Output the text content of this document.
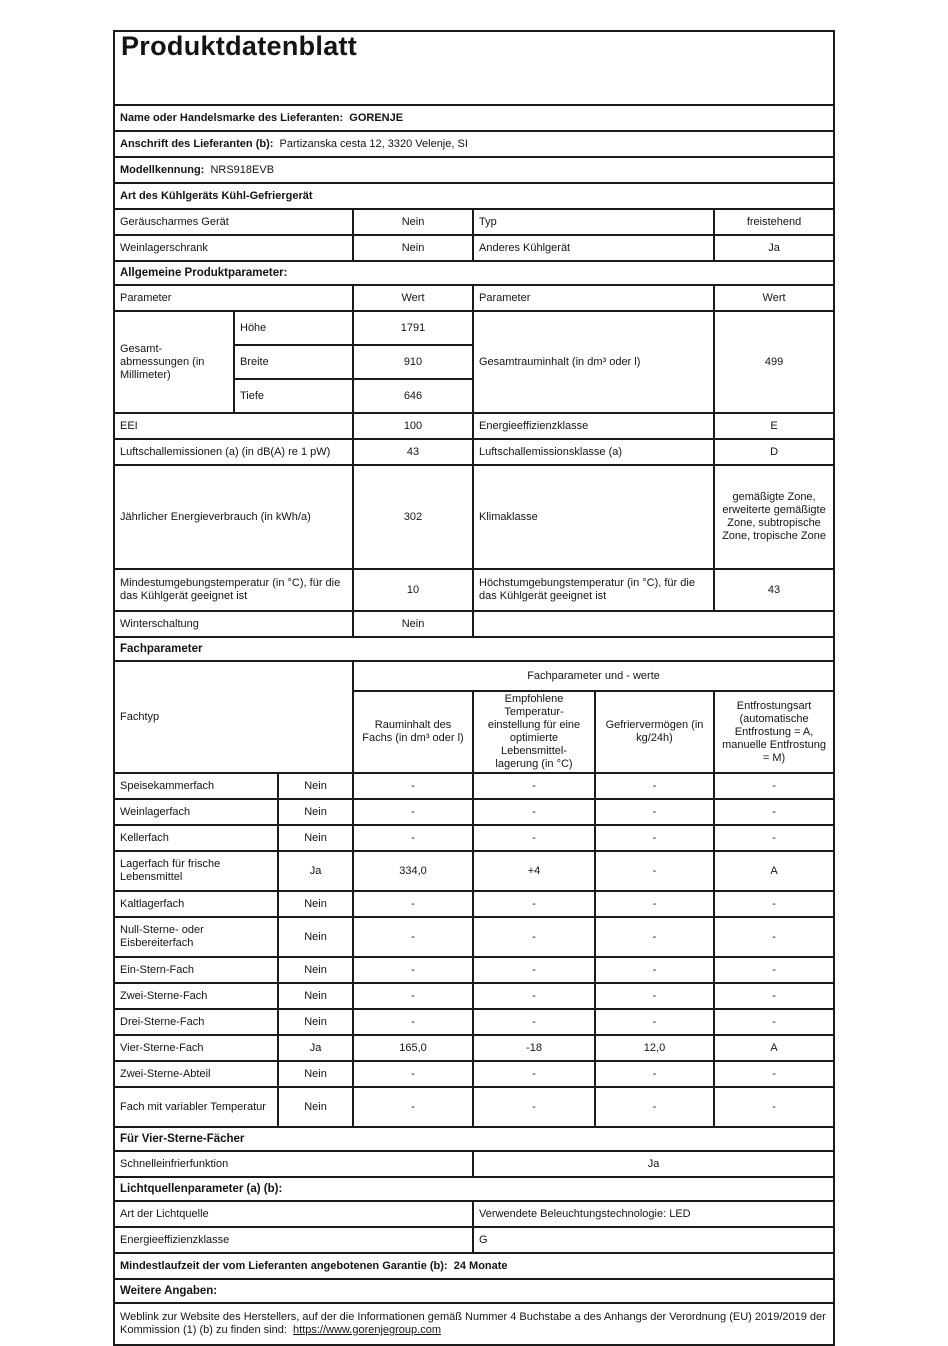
Produktdatenblatt						
Name oder Handelsmarke des Lieferanten: GORENJE						
Anschrift des Lieferanten (b): Partizanska cesta 12, 3320 Velenje, SI						
Modellkennung: NRS918EVB						
Art des Kühlgeräts Kühl-Gefriergerät						
Geräuscharmes Gerät			Nein	Typ		freistehend
Weinlagerschrank			Nein	Anderes Kühlgerät		Ja
Allgemeine Produktparameter:						
Parameter			Wert	Parameter		Wert
Gesamt- abmessungen (in Millimeter)	Höhe		1791	Gesamtrauminhalt (in dm³ oder l)		499
	Breite		910			
	Tiefe		646			
EEI			100	Energieeffizienzklasse		E
Luftschallemissionen (a) (in dB(A) re 1 pW)			43	Luftschallemissionsklasse (a)		D
Jährlicher Energieverbrauch (in kWh/a)			302	Klimaklasse		gemäßigte Zone, erweiterte gemäßigte Zone, subtropische Zone, tropische Zone
Mindestumgebungstemperatur (in °C), für die das Kühlgerät geeignet ist			10	Höchstumgebungstemperatur (in °C), für die das Kühlgerät geeignet ist		43
Winterschaltung			Nein			
Fachparameter						
Fachtyp			Fachparameter und - werte			
			Rauminhalt des Fachs (in dm³ oder l)	Empfohlene Temperatur- einstellung für eine optimierte Lebensmittel- lagerung (in °C)	Gefriervermögen (in kg/24h)	Entfrostungsart (automatische Entfrostung = A, manuelle Entfrostung = M)
Speisekammerfach		Nein	-	-	-	-
Weinlagerfach		Nein	-	-	-	-
Kellerfach		Nein	-	-	-	-
Lagerfach für frische Lebensmittel		Ja	334,0	+4	-	A
Kaltlagerfach		Nein	-	-	-	-
Null-Sterne- oder Eisbereiterfach		Nein	-	-	-	-
Ein-Stern-Fach		Nein	-	-	-	-
Zwei-Sterne-Fach		Nein	-	-	-	-
Drei-Sterne-Fach		Nein	-	-	-	-
Vier-Sterne-Fach		Ja	165,0	-18	12,0	A
Zwei-Sterne-Abteil		Nein	-	-	-	-
Fach mit variabler Temperatur		Nein	-	-	-	-
Für Vier-Sterne-Fächer						
Schnelleinfrierfunktion				Ja		
Lichtquellenparameter (a) (b):						
Art der Lichtquelle				Verwendete Beleuchtungstechnologie: LED		
Energieeffizienzklasse				G		
Mindestlaufzeit der vom Lieferanten angebotenen Garantie (b): 24 Monate						
Weitere Angaben:						
Weblink zur Website des Herstellers, auf der die Informationen gemäß Nummer 4 Buchstabe a des Anhangs der Verordnung (EU) 2019/2019 der Kommission (1) (b) zu finden sind: https://www.gorenjegroup.com						
